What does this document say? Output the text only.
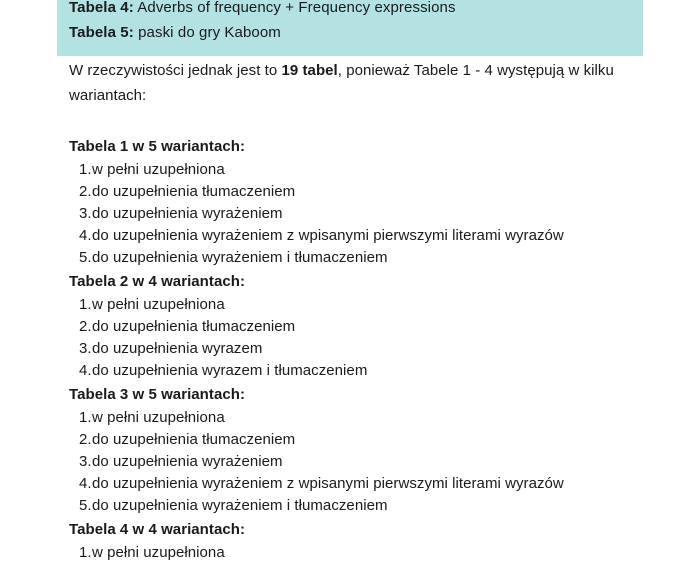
Tabela 4: Adverbs of frequency + Frequency expressions
Tabela 5: paski do gry Kaboom

W rzeczywistości jednak jest to 19 tabel, ponieważ Tabele 1 - 4 występują w kilku wariantach:

Tabela 1 w 5 wariantach:

1. w pełni uzupełniona
2. do uzupełnienia tłumaczeniem
3. do uzupełnienia wyrażeniem
4. do uzupełnienia wyrażeniem z wpisanymi pierwszymi literami wyrazów
5. do uzupełnienia wyrażeniem i tłumaczeniem

Tabela 2 w 4 wariantach:

1. w pełni uzupełniona
2. do uzupełnienia tłumaczeniem
3. do uzupełnienia wyrazem
4. do uzupełnienia wyrazem i tłumaczeniem

Tabela 3 w 5 wariantach:

1. w pełni uzupełniona
2. do uzupełnienia tłumaczeniem
3. do uzupełnienia wyrażeniem
4. do uzupełnienia wyrażeniem z wpisanymi pierwszymi literami wyrazów
5. do uzupełnienia wyrażeniem i tłumaczeniem

Tabela 4 w 4 wariantach:

1. w pełni uzupełniona
